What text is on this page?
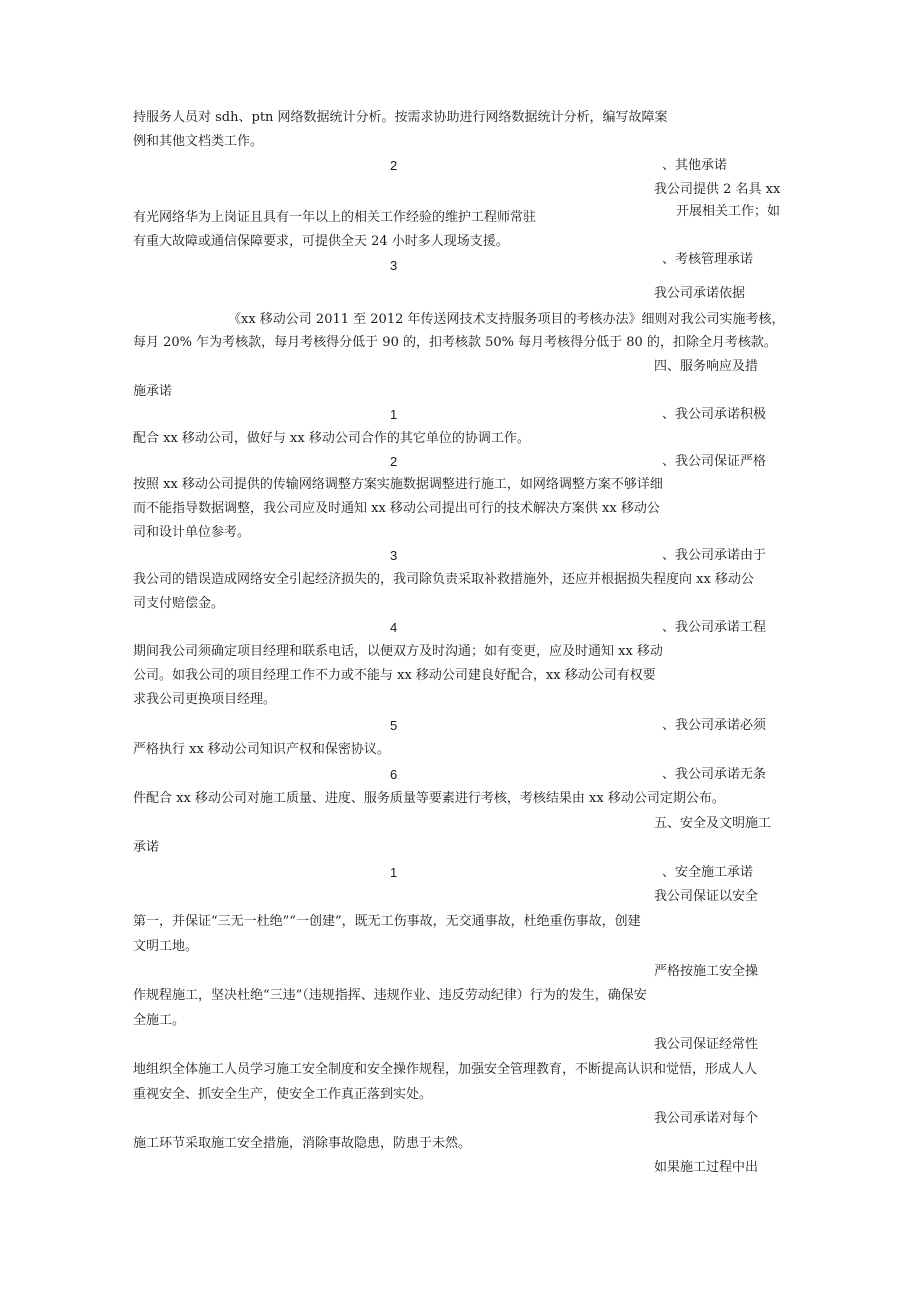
持服务人员对 sdh、ptn 网络数据统计分析。按需求协助进行网络数据统计分析，编写故障案
例和其他文档类工作。
2	、其他承诺
我公司提供 2 名具 xx
开展相关工作；如
有光网络华为上岗证且具有一年以上的相关工作经验的维护工程师常驻
有重大故障或通信保障要求，可提供全天 24 小时多人现场支援。
3	、考核管理承诺
我公司承诺依据
《xx 移动公司 2011 至 2012 年传送网技术支持服务项目的考核办法》细则对我公司实施考核，
每月 20% 乍为考核款，每月考核得分低于 90 的，扣考核款 50% 每月考核得分低于 80 的，扣除全月考核款。
四、服务响应及措
施承诺
1	、我公司承诺积极
配合 xx 移动公司，做好与 xx 移动公司合作的其它单位的协调工作。
2	、我公司保证严格
按照 xx 移动公司提供的传输网络调整方案实施数据调整进行施工，如网络调整方案不够详细
而不能指导数据调整，我公司应及时通知 xx 移动公司提出可行的技术解决方案供 xx 移动公
司和设计单位参考。
3	、我公司承诺由于
我公司的错误造成网络安全引起经济损失的，我司除负责采取补救措施外，还应并根据损失程度向 xx 移动公
司支付赔偿金。
4	、我公司承诺工程
期间我公司须确定项目经理和联系电话，以便双方及时沟通；如有变更，应及时通知 xx 移动
公司。如我公司的项目经理工作不力或不能与 xx 移动公司建良好配合，xx 移动公司有权要
求我公司更换项目经理。
5	、我公司承诺必须
严格执行 xx 移动公司知识产权和保密协议。
6	、我公司承诺无条
件配合 xx 移动公司对施工质量、进度、服务质量等要素进行考核，考核结果由 xx 移动公司定期公布。
五、安全及文明施工
承诺
1	、安全施工承诺
我公司保证以安全
第一，并保证“三无一杜绝”“一创建”，既无工伤事故，无交通事故，杜绝重伤事故，创建
文明工地。
严格按施工安全操
作规程施工，坚决杜绝“三违”（违规指挥、违规作业、违反劳动纪律）行为的发生，确保安
全施工。
我公司保证经常性
地组织全体施工人员学习施工安全制度和安全操作规程，加强安全管理教育，不断提高认识和觉悟，形成人人
重视安全、抓安全生产，使安全工作真正落到实处。
我公司承诺对每个
施工环节采取施工安全措施，消除事故隐患，防患于未然。
如果施工过程中出
